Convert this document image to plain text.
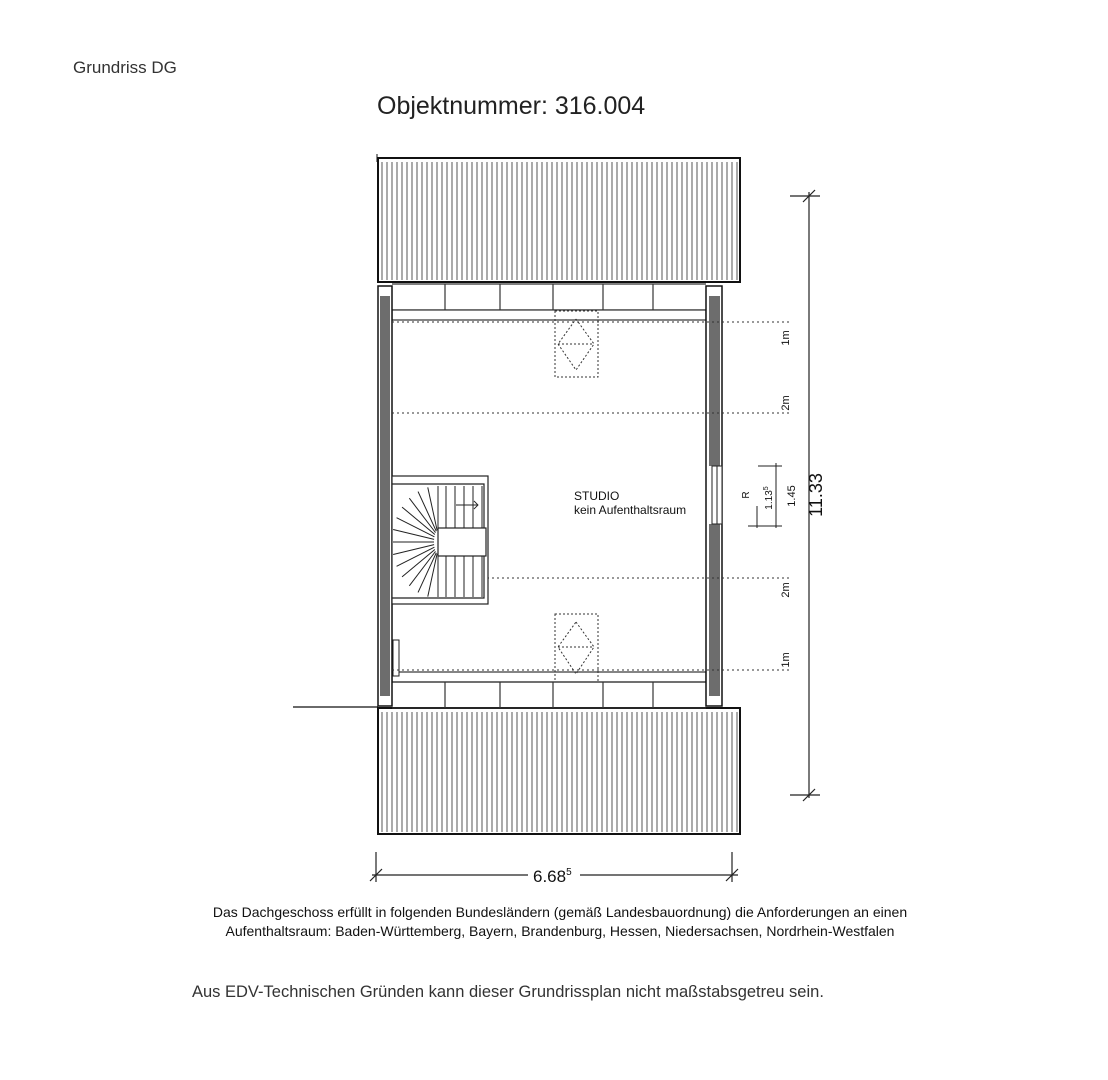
Grundriss DG
Objektnummer: 316.004
STUDIO
kein Aufenthaltsraum
1m
2m
2m
1m
11.33
1.45
1.13$^5$
R
6.68$^5$
Das Dachgeschoss erfüllt in folgenden Bundesländern (gemäß Landesbauordnung) die Anforderungen an einen
Aufenthaltsraum: Baden-Württemberg, Bayern, Brandenburg, Hessen, Niedersachsen, Nordrhein-Westfalen
Aus EDV-Technischen Gründen kann dieser Grundrissplan nicht maßstabsgetreu sein.
